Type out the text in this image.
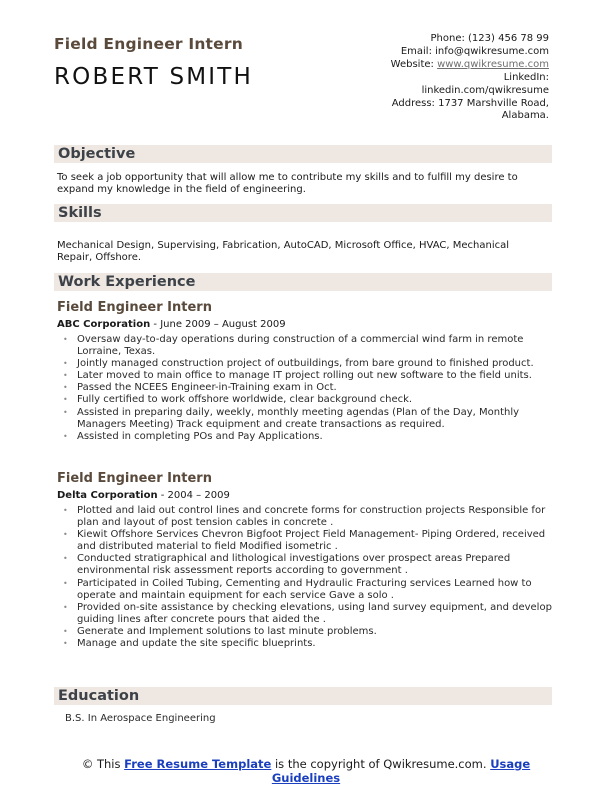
Field Engineer Intern
ROBERT SMITH
Phone: (123) 456 78 99
Email: info@qwikresume.com
Website: www.qwikresume.com
LinkedIn:
linkedin.com/qwikresume
Address: 1737 Marshville Road,
Alabama.
Objective
To seek a job opportunity that will allow me to contribute my skills and to fulfill my desire to expand my knowledge in the field of engineering.
Skills
Mechanical Design, Supervising, Fabrication, AutoCAD, Microsoft Office, HVAC, Mechanical Repair, Offshore.
Work Experience
Field Engineer Intern
ABC Corporation - June 2009 – August 2009
• Oversaw day-to-day operations during construction of a commercial wind farm in remote Lorraine, Texas.
• Jointly managed construction project of outbuildings, from bare ground to finished product.
• Later moved to main office to manage IT project rolling out new software to the field units.
• Passed the NCEES Engineer-in-Training exam in Oct.
• Fully certified to work offshore worldwide, clear background check.
• Assisted in preparing daily, weekly, monthly meeting agendas (Plan of the Day, Monthly Managers Meeting) Track equipment and create transactions as required.
• Assisted in completing POs and Pay Applications.
Field Engineer Intern
Delta Corporation - 2004 – 2009
• Plotted and laid out control lines and concrete forms for construction projects Responsible for plan and layout of post tension cables in concrete .
• Kiewit Offshore Services Chevron Bigfoot Project Field Management- Piping Ordered, received and distributed material to field Modified isometric .
• Conducted stratigraphical and lithological investigations over prospect areas Prepared environmental risk assessment reports according to government .
• Participated in Coiled Tubing, Cementing and Hydraulic Fracturing services Learned how to operate and maintain equipment for each service Gave a solo .
• Provided on-site assistance by checking elevations, using land survey equipment, and develop guiding lines after concrete pours that aided the .
• Generate and Implement solutions to last minute problems.
• Manage and update the site specific blueprints.
Education
B.S. In Aerospace Engineering
© This Free Resume Template is the copyright of Qwikresume.com. Usage Guidelines
